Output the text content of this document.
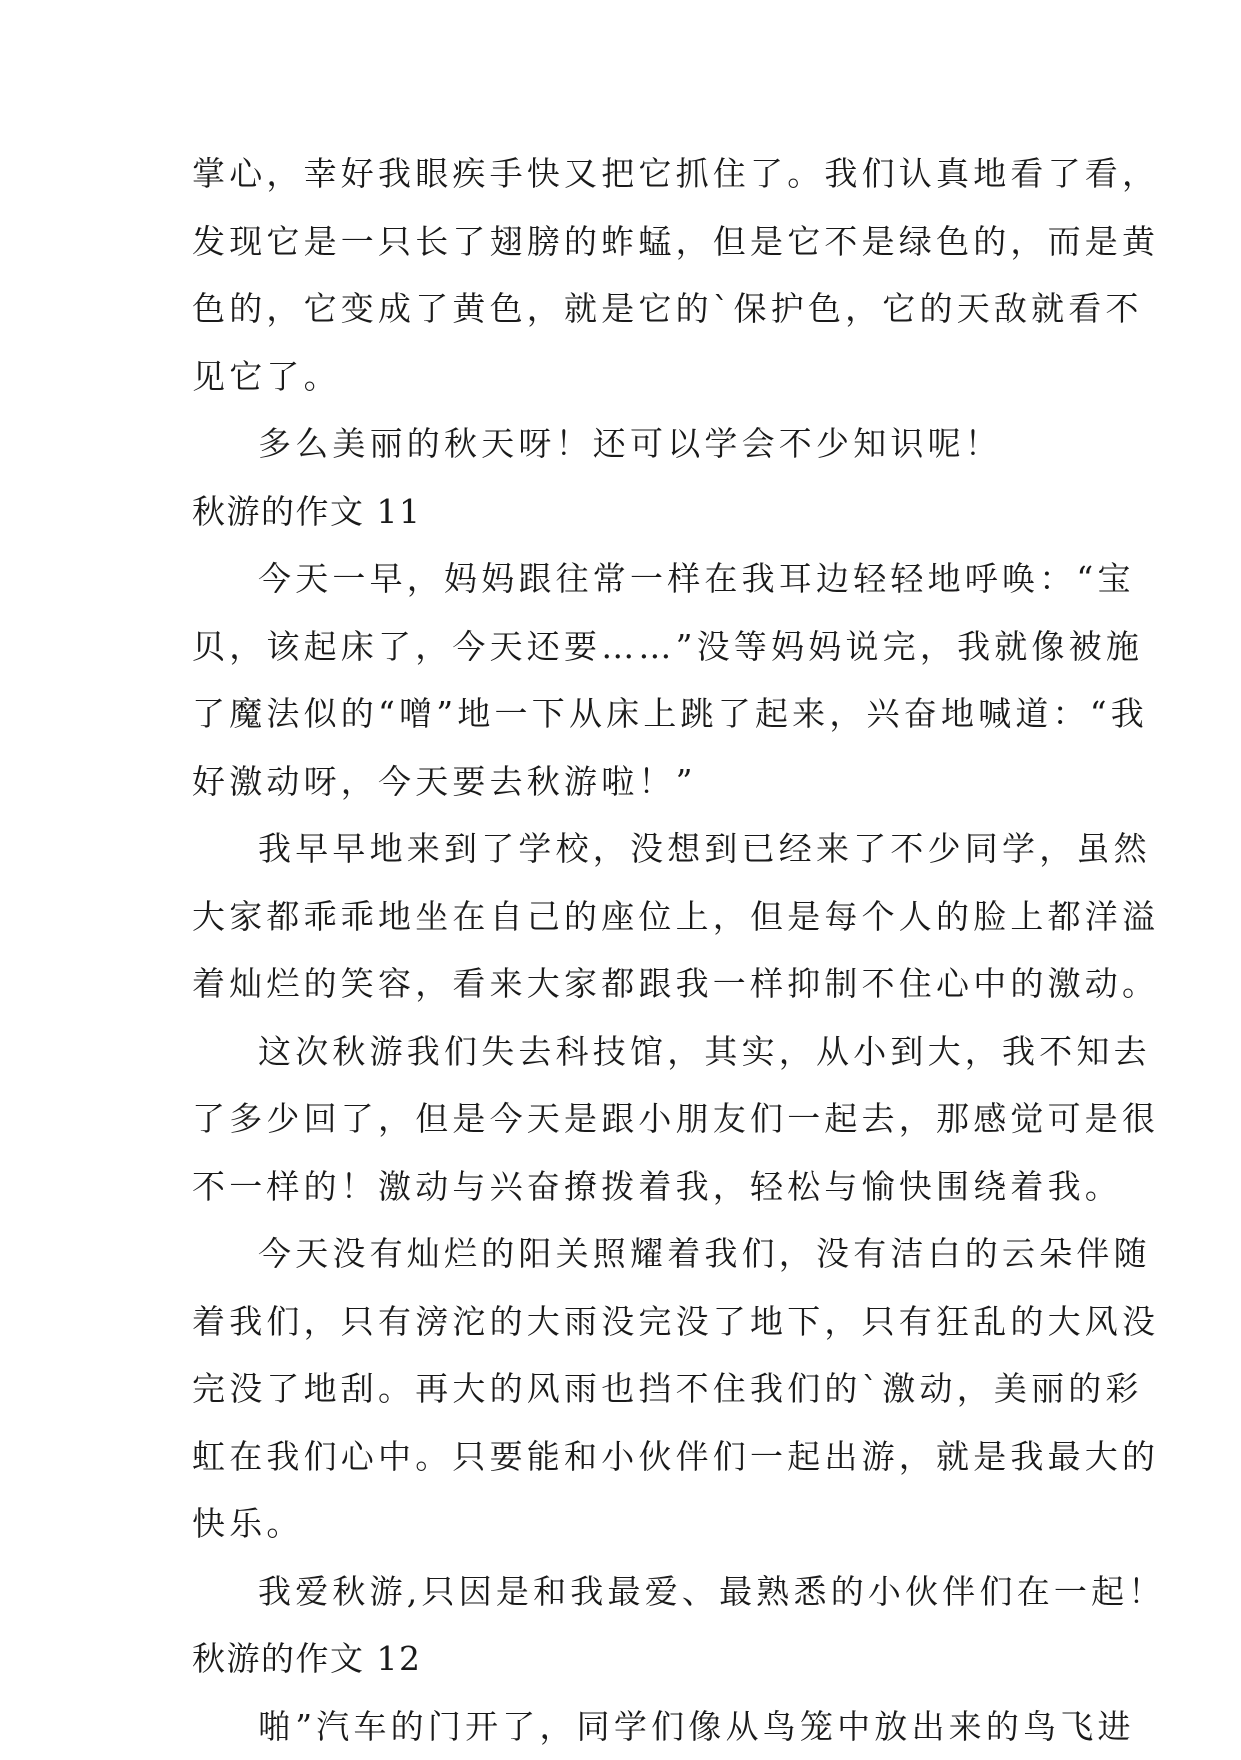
掌心，幸好我眼疾手快又把它抓住了。我们认真地看了看，
发现它是一只长了翅膀的蚱蜢，但是它不是绿色的，而是黄
色的，它变成了黄色，就是它的`保护色，它的天敌就看不
见它了。
多么美丽的秋天呀！还可以学会不少知识呢！
秋游的作文 11
今天一早，妈妈跟往常一样在我耳边轻轻地呼唤：“宝
贝，该起床了，今天还要……”没等妈妈说完，我就像被施
了魔法似的“噌”地一下从床上跳了起来，兴奋地喊道：“我
好激动呀，今天要去秋游啦！”
我早早地来到了学校，没想到已经来了不少同学，虽然
大家都乖乖地坐在自己的座位上，但是每个人的脸上都洋溢
着灿烂的笑容，看来大家都跟我一样抑制不住心中的激动。
这次秋游我们失去科技馆，其实，从小到大，我不知去
了多少回了，但是今天是跟小朋友们一起去，那感觉可是很
不一样的！激动与兴奋撩拨着我，轻松与愉快围绕着我。
今天没有灿烂的阳关照耀着我们，没有洁白的云朵伴随
着我们，只有滂沱的大雨没完没了地下，只有狂乱的大风没
完没了地刮。再大的风雨也挡不住我们的`激动，美丽的彩
虹在我们心中。只要能和小伙伴们一起出游，就是我最大的
快乐。
我爱秋游,只因是和我最爱、最熟悉的小伙伴们在一起！
秋游的作文 12
啪”汽车的门开了，同学们像从鸟笼中放出来的鸟飞进
